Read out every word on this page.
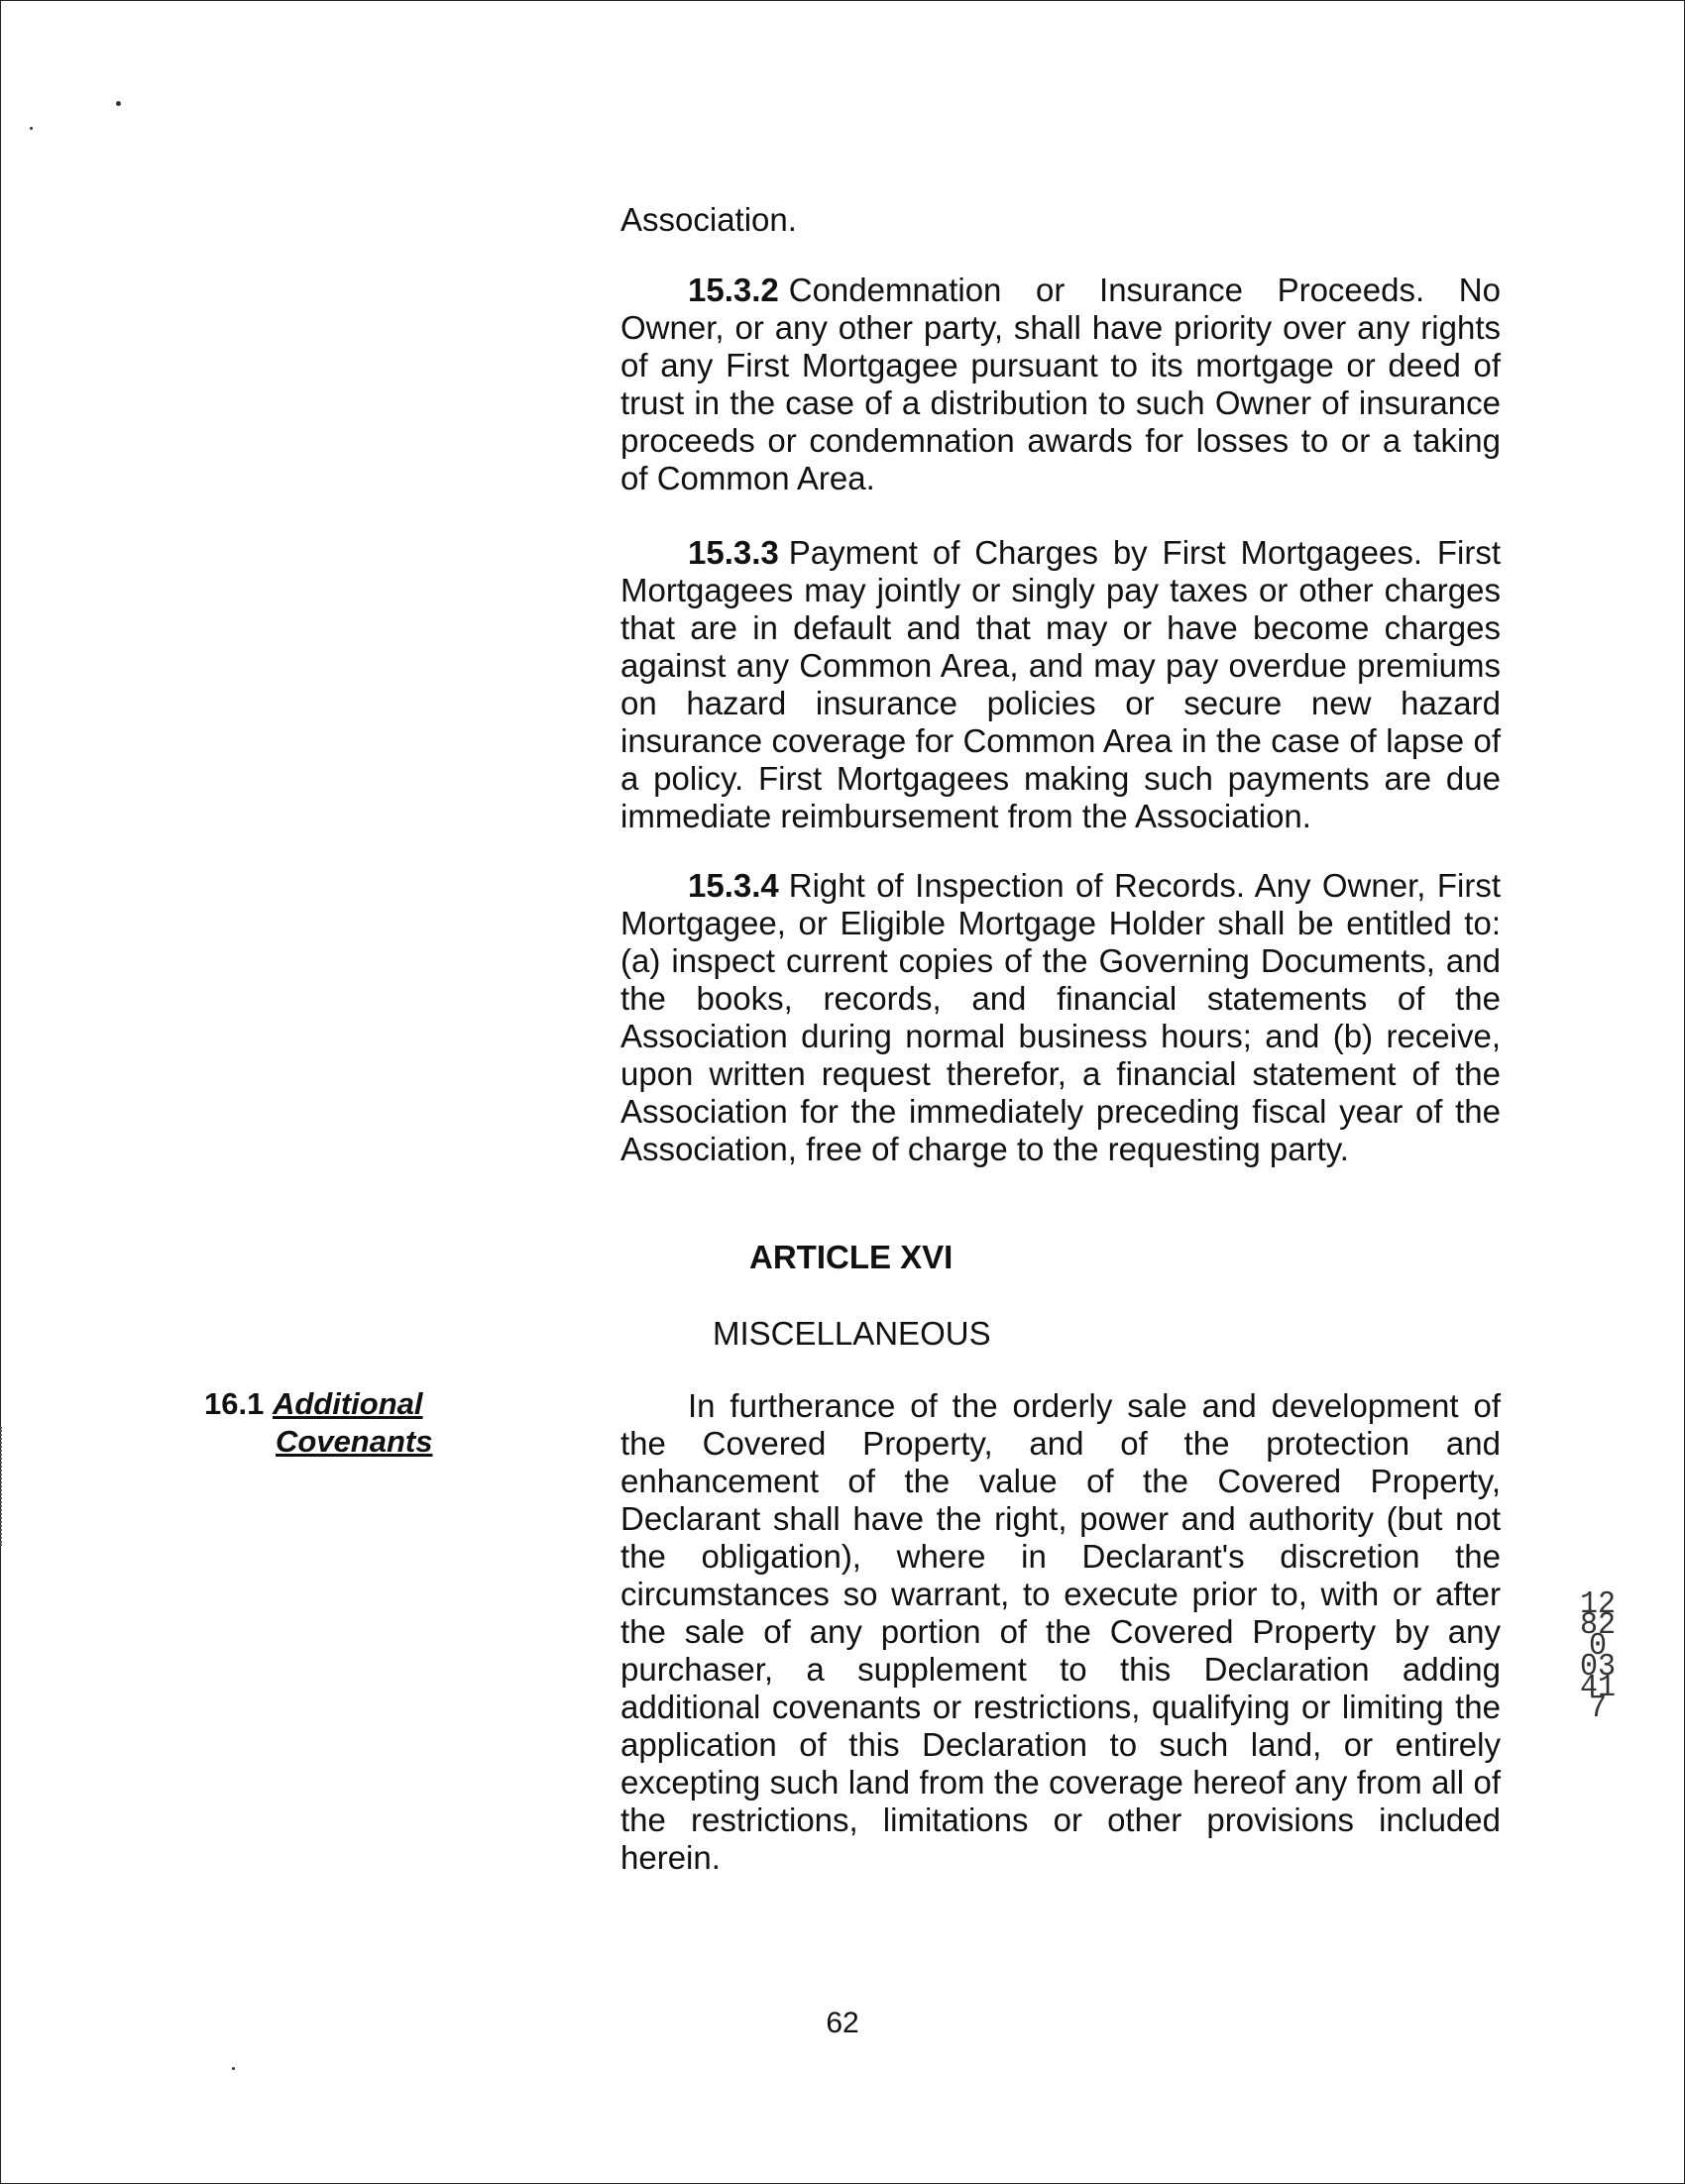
Association.
15.3.2 Condemnation or Insurance Proceeds. No Owner, or any other party, shall have priority over any rights of any First Mortgagee pursuant to its mortgage or deed of trust in the case of a distribution to such Owner of insurance proceeds or condemnation awards for losses to or a taking of Common Area.
15.3.3 Payment of Charges by First Mortgagees. First Mortgagees may jointly or singly pay taxes or other charges that are in default and that may or have become charges against any Common Area, and may pay overdue premiums on hazard insurance policies or secure new hazard insurance coverage for Common Area in the case of lapse of a policy. First Mortgagees making such payments are due immediate reimbursement from the Association.
15.3.4 Right of Inspection of Records. Any Owner, First Mortgagee, or Eligible Mortgage Holder shall be entitled to: (a) inspect current copies of the Governing Documents, and the books, records, and financial statements of the Association during normal business hours; and (b) receive, upon written request therefor, a financial statement of the Association for the immediately preceding fiscal year of the Association, free of charge to the requesting party.
ARTICLE XVI
MISCELLANEOUS
16.1 Additional
Covenants
In furtherance of the orderly sale and development of the Covered Property, and of the protection and enhancement of the value of the Covered Property, Declarant shall have the right, power and authority (but not the obligation), where in Declarant's discretion the circumstances so warrant, to execute prior to, with or after the sale of any portion of the Covered Property by any purchaser, a supplement to this Declaration adding additional covenants or restrictions, qualifying or limiting the application of this Declaration to such land, or entirely excepting such land from the coverage hereof any from all of the restrictions, limitations or other provisions included herein.
62
12820 03417
